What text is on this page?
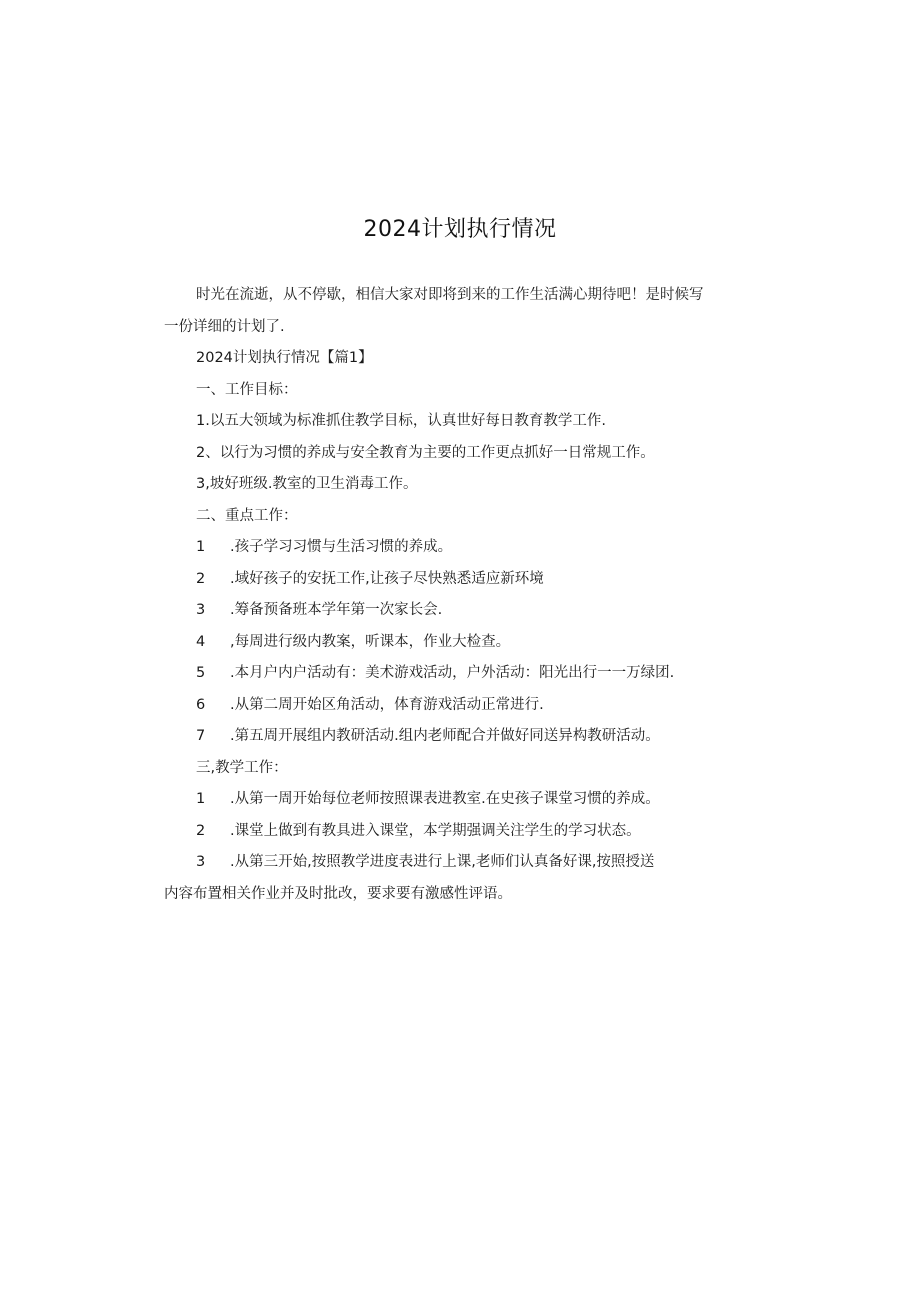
2024计划执行情况

时光在流逝，从不停歇，相信大家对即将到来的工作生活满心期待吧！是时候写

一份详细的计划了.

2024计划执行情况【篇1】

一、工作目标：

1.以五大领域为标准抓住教学目标，认真世好每日教育教学工作.

2、以行为习惯的养成与安全教育为主要的工作更点抓好一日常规工作。

3,坡好班级.教室的卫生消毒工作。

二、重点工作：

1	.孩子学习习惯与生活习惯的养成。
2	.域好孩子的安抚工作,让孩子尽快熟悉适应新环境
3	.筹备预备班本学年第一次家长会.
4	,每周进行级内教案，听课本，作业大检查。
5	.本月户内户活动有：美术游戏活动，户外活动：阳光出行一一万绿团.
6	.从第二周开始区角活动，体育游戏活动正常进行.
7	.第五周开展组内教研活动.组内老师配合并做好同送异构教研活动。

三,教学工作：

1	.从第一周开始每位老师按照课表进教室.在史孩子课堂习惯的养成。
2	.课堂上做到有教具进入课堂，本学期强调关注学生的学习状态。
3	.从第三开始,按照教学进度表进行上课,老师们认真备好课,按照授送

内容布置相关作业并及时批改，要求要有激感性评语。
